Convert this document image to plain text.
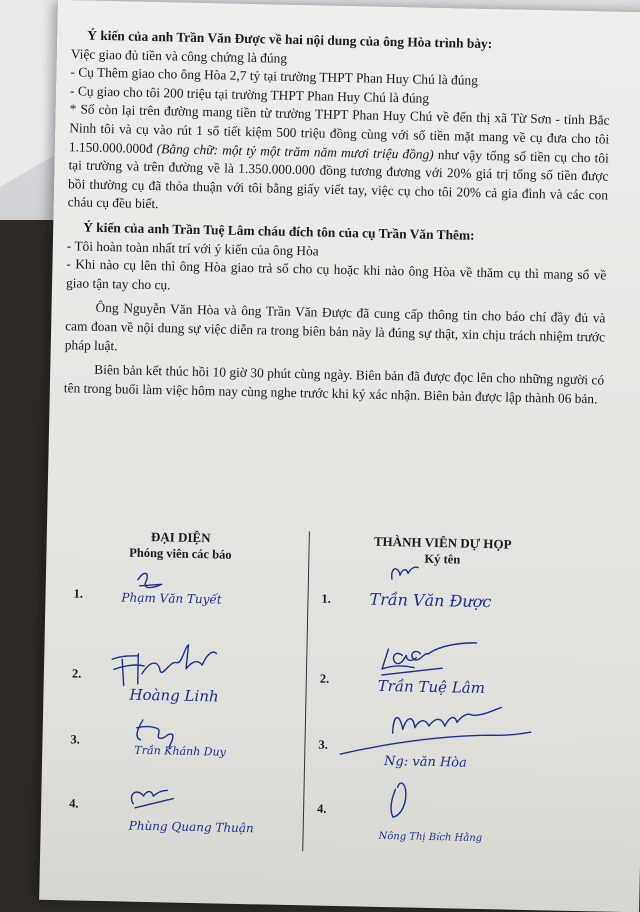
Ý kiến của anh Trần Văn Được về hai nội dung của ông Hòa trình bày:

Việc giao đủ tiền và công chứng là đúng

- Cụ Thêm giao cho ông Hòa 2,7 tỷ tại trường THPT Phan Huy Chú là đúng

- Cụ giao cho tôi 200 triệu tại trường THPT Phan Huy Chú là đúng

* Số còn lại trên đường mang tiền từ trường THPT Phan Huy Chú về đến thị xã Từ Sơn - tỉnh Bắc Ninh tôi và cụ vào rút 1 sổ tiết kiệm 500 triệu đồng cùng với số tiền mặt mang về cụ đưa cho tôi 1.150.000.000đ (Bằng chữ: một tỷ một trăm năm mươi triệu đồng) như vậy tổng số tiền cụ cho tôi tại trường và trên đường về là 1.350.000.000 đồng tương đương với 20% giá trị tổng số tiền được bồi thường cụ đã thỏa thuận với tôi bằng giấy viết tay, việc cụ cho tôi 20% cả gia đình và các con cháu cụ đều biết.

Ý kiến của anh Trần Tuệ Lâm cháu đích tôn của cụ Trần Văn Thêm:

- Tôi hoàn toàn nhất trí với ý kiến của ông Hòa

- Khi nào cụ lên thì ông Hòa giao trả sổ cho cụ hoặc khi nào ông Hòa về thăm cụ thì mang sổ về giao tận tay cho cụ.

Ông Nguyễn Văn Hòa và ông Trần Văn Được đã cung cấp thông tin cho báo chí đầy đủ và cam đoan về nội dung sự việc diễn ra trong biên bản này là đúng sự thật, xin chịu trách nhiệm trước pháp luật.

Biên bản kết thúc hồi 10 giờ 30 phút cùng ngày. Biên bản đã được đọc lên cho những người có tên trong buổi làm việc hôm nay cùng nghe trước khi ký xác nhận. Biên bản được lập thành 06 bản.

ĐẠI DIỆN
Phóng viên các báo
THÀNH VIÊN DỰ HỌP
Ký tên
1.
2.
3.
4.
1.
2.
3.
4.
Phạm Văn Tuyết
Hoàng Linh
Trần Khánh Duy
Phùng Quang Thuận
Trần Văn Được
Trần Tuệ Lâm
Ng: văn Hòa
Nông Thị Bích Hằng
